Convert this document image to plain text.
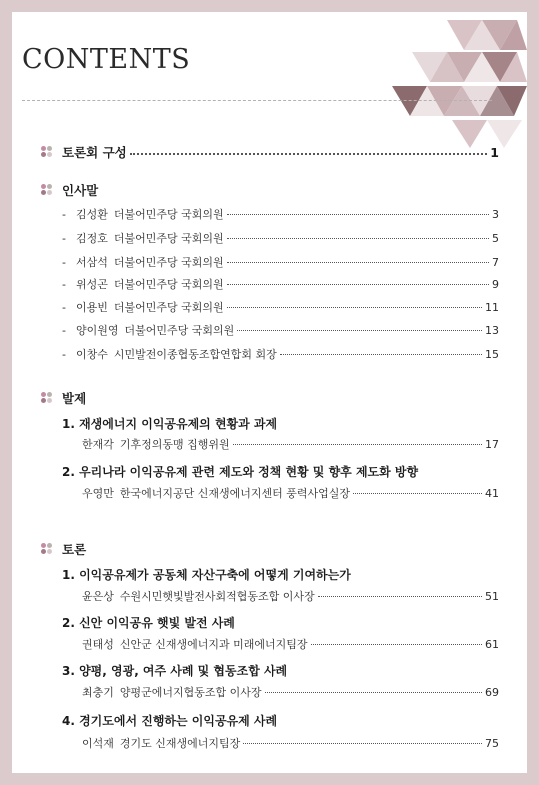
CONTENTS
토론회 구성	1
인사말
- 김성환 더불어민주당 국회의원	3
- 김정호 더불어민주당 국회의원	5
- 서삼석 더불어민주당 국회의원	7
- 위성곤 더불어민주당 국회의원	9
- 이용빈 더불어민주당 국회의원	11
- 양이원영 더불어민주당 국회의원	13
- 이창수 시민발전이종협동조합연합회 회장	15
발제
1. 재생에너지 이익공유제의 현황과 과제
한재각 기후정의동맹 집행위원	17
2. 우리나라 이익공유제 관련 제도와 정책 현황 및 향후 제도화 방향
우영만 한국에너지공단 신재생에너지센터 풍력사업실장	41
토론
1. 이익공유제가 공동체 자산구축에 어떻게 기여하는가
윤은상 수원시민햇빛발전사회적협동조합 이사장	51
2. 신안 이익공유 햇빛 발전 사례
권태성 신안군 신재생에너지과 미래에너지팀장	61
3. 양평, 영광, 여주 사례 및 협동조합 사례
최충기 양평군에너지협동조합 이사장	69
4. 경기도에서 진행하는 이익공유제 사례
이석재 경기도 신재생에너지팀장	75
